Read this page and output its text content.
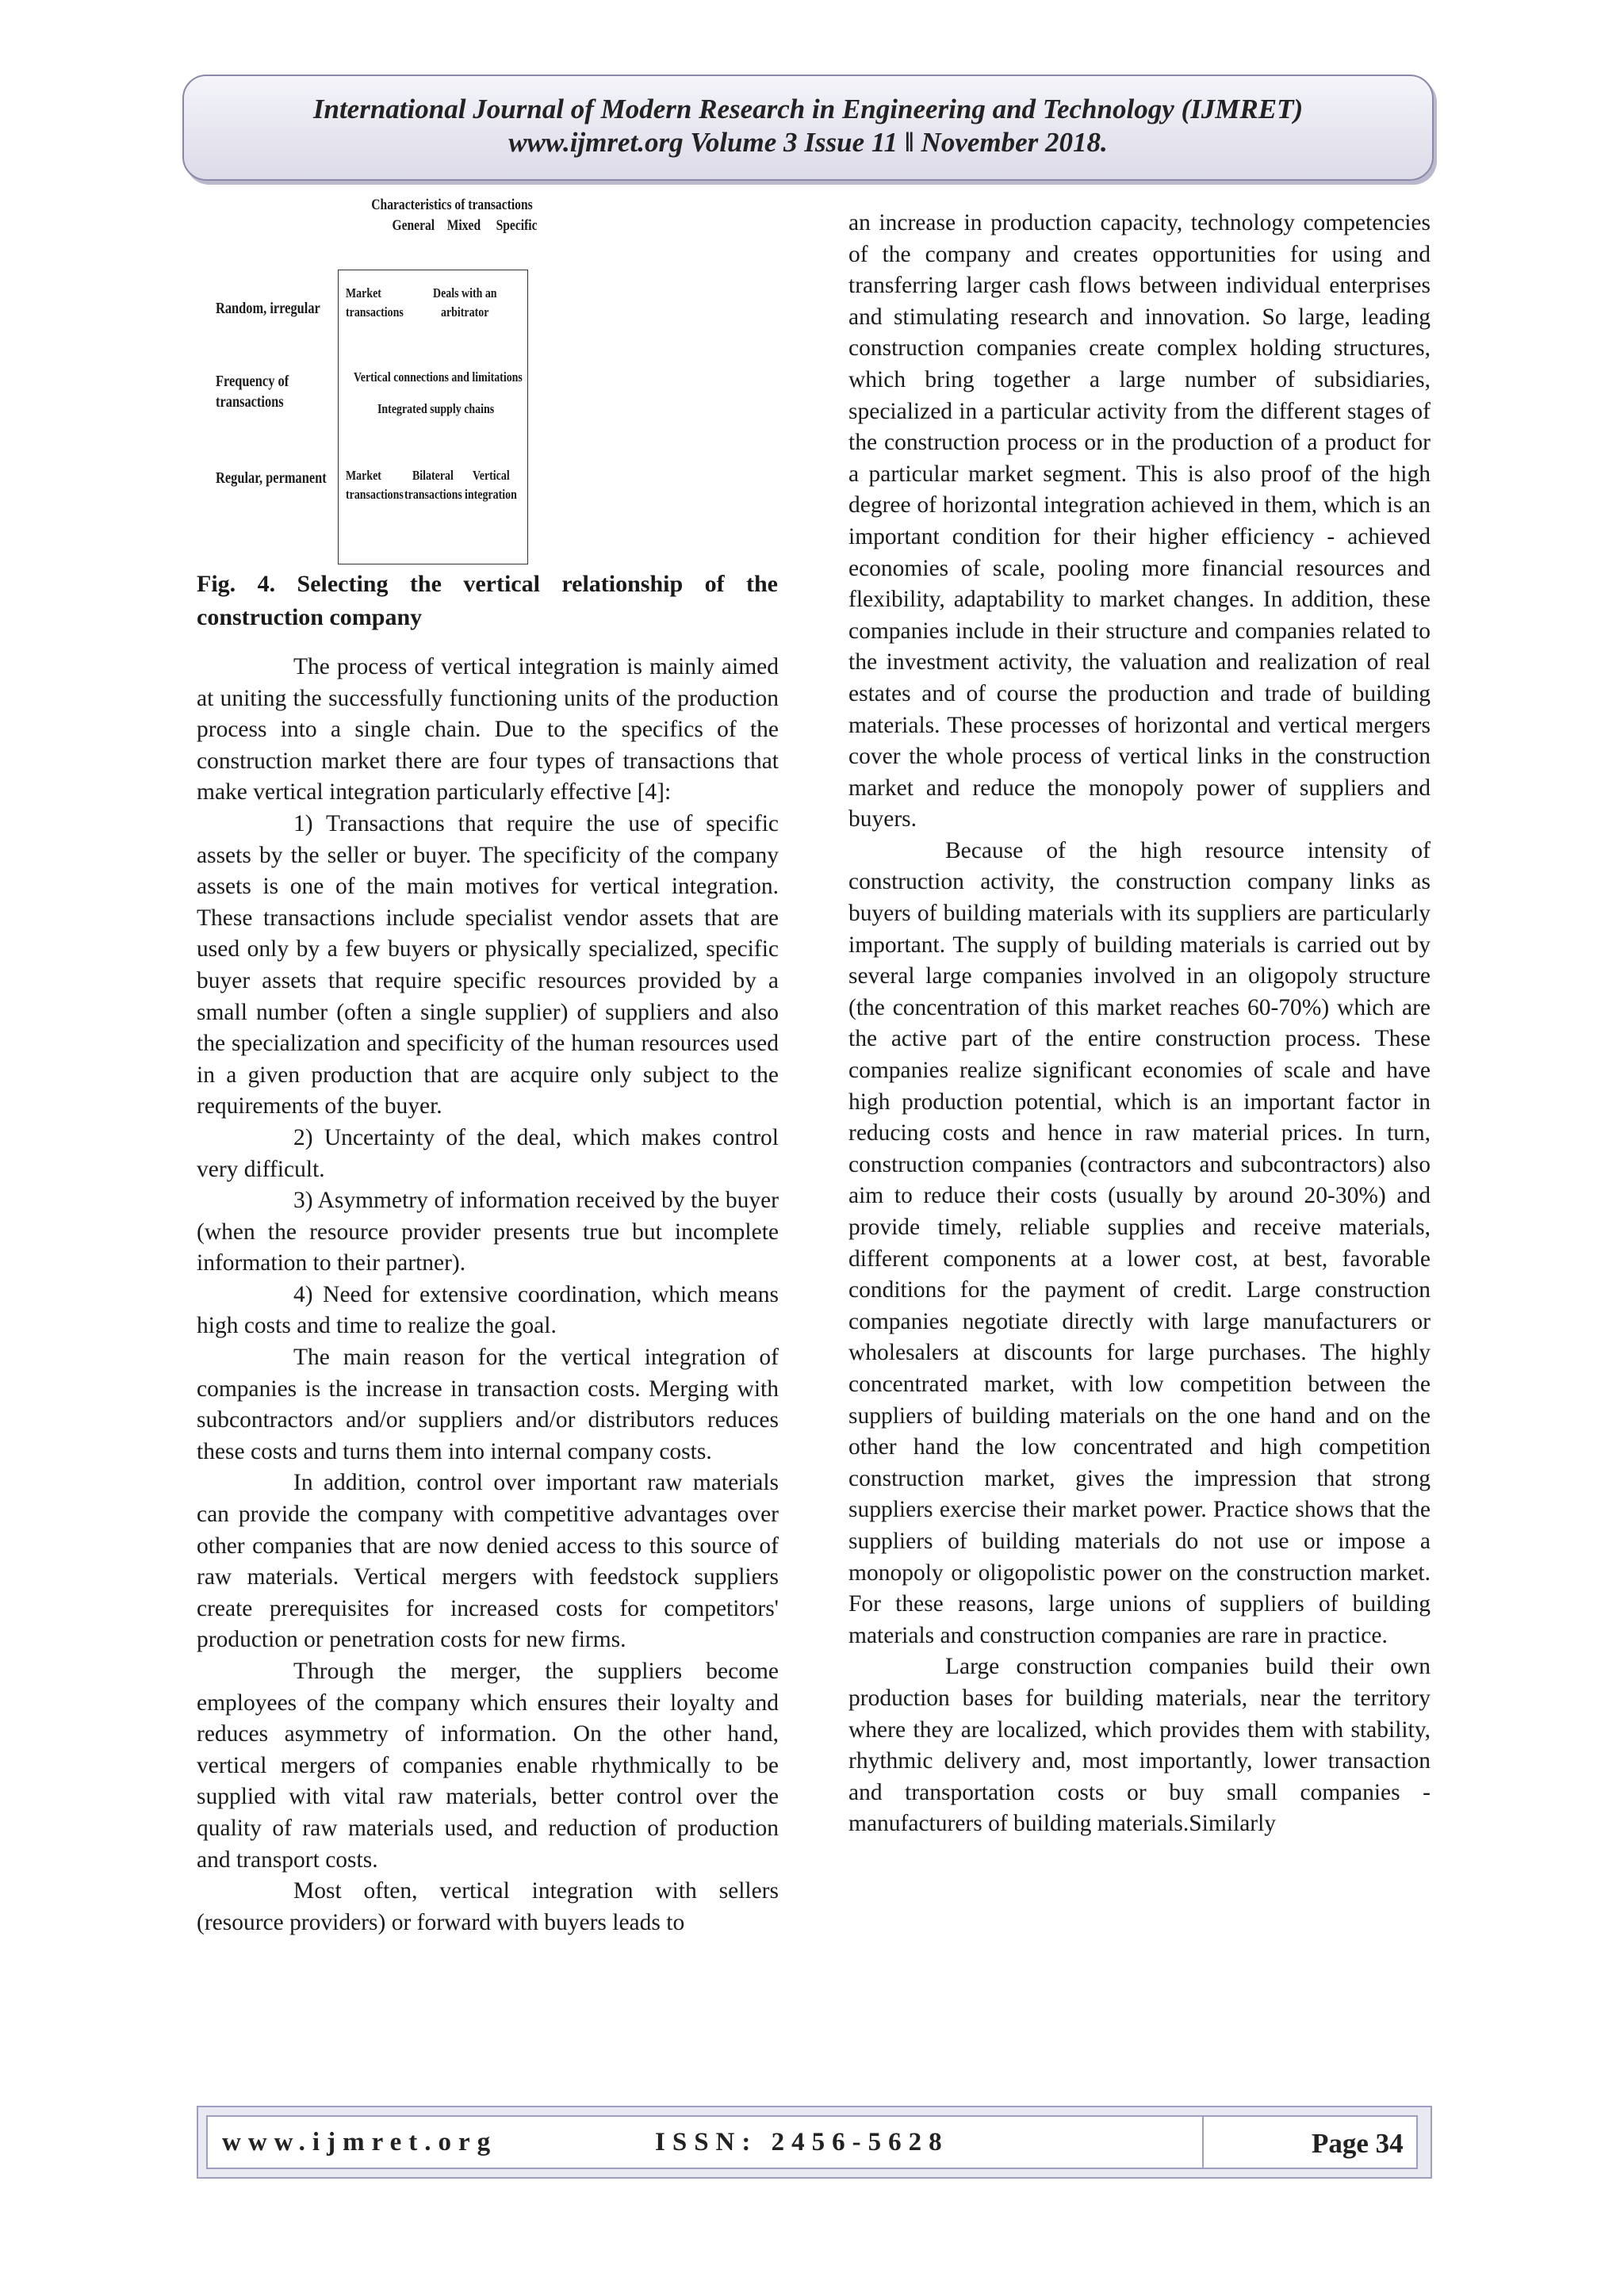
International Journal of Modern Research in Engineering and Technology (IJMRET)
www.ijmret.org Volume 3 Issue 11 ǁ November 2018.
Characteristics of transactions
General Mixed Specific
Random, irregular
Frequency of
transactions
Regular, permanent
Market
transactions
Deals with an
arbitrator
Vertical connections and limitations
Integrated supply chains
Market
transactions
Bilateral
transactions
Vertical
integration
Fig. 4. Selecting the vertical relationship of the construction company

The process of vertical integration is mainly aimed at uniting the successfully functioning units of the production process into a single chain. Due to the specifics of the construction market there are four types of transactions that make vertical integration particularly effective [4]:

1) Transactions that require the use of specific assets by the seller or buyer. The specificity of the company assets is one of the main motives for vertical integration. These transactions include specialist vendor assets that are used only by a few buyers or physically specialized, specific buyer assets that require specific resources provided by a small number (often a single supplier) of suppliers and also the specialization and specificity of the human resources used in a given production that are acquire only subject to the requirements of the buyer.

2) Uncertainty of the deal, which makes control very difficult.

3) Asymmetry of information received by the buyer (when the resource provider presents true but incomplete information to their partner).

4) Need for extensive coordination, which means high costs and time to realize the goal.

The main reason for the vertical integration of companies is the increase in transaction costs. Merging with subcontractors and/or suppliers and/or distributors reduces these costs and turns them into internal company costs.

In addition, control over important raw materials can provide the company with competitive advantages over other companies that are now denied access to this source of raw materials. Vertical mergers with feedstock suppliers create prerequisites for increased costs for competitors' production or penetration costs for new firms.

Through the merger, the suppliers become employees of the company which ensures their loyalty and reduces asymmetry of information. On the other hand, vertical mergers of companies enable rhythmically to be supplied with vital raw materials, better control over the quality of raw materials used, and reduction of production and transport costs.

Most often, vertical integration with sellers (resource providers) or forward with buyers leads to

an increase in production capacity, technology competencies of the company and creates opportunities for using and transferring larger cash flows between individual enterprises and stimulating research and innovation. So large, leading construction companies create complex holding structures, which bring together a large number of subsidiaries, specialized in a particular activity from the different stages of the construction process or in the production of a product for a particular market segment. This is also proof of the high degree of horizontal integration achieved in them, which is an important condition for their higher efficiency - achieved economies of scale, pooling more financial resources and flexibility, adaptability to market changes. In addition, these companies include in their structure and companies related to the investment activity, the valuation and realization of real estates and of course the production and trade of building materials. These processes of horizontal and vertical mergers cover the whole process of vertical links in the construction market and reduce the monopoly power of suppliers and buyers.

Because of the high resource intensity of construction activity, the construction company links as buyers of building materials with its suppliers are particularly important. The supply of building materials is carried out by several large companies involved in an oligopoly structure (the concentration of this market reaches 60-70%) which are the active part of the entire construction process. These companies realize significant economies of scale and have high production potential, which is an important factor in reducing costs and hence in raw material prices. In turn, construction companies (contractors and subcontractors) also aim to reduce their costs (usually by around 20-30%) and provide timely, reliable supplies and receive materials, different components at a lower cost, at best, favorable conditions for the payment of credit. Large construction companies negotiate directly with large manufacturers or wholesalers at discounts for large purchases. The highly concentrated market, with low competition between the suppliers of building materials on the one hand and on the other hand the low concentrated and high competition construction market, gives the impression that strong suppliers exercise their market power. Practice shows that the suppliers of building materials do not use or impose a monopoly or oligopolistic power on the construction market. For these reasons, large unions of suppliers of building materials and construction companies are rare in practice.

Large construction companies build their own production bases for building materials, near the territory where they are localized, which provides them with stability, rhythmic delivery and, most importantly, lower transaction and transportation costs or buy small companies - manufacturers of building materials.Similarly

www.ijmret.org	ISSN: 2456-5628	Page 34
